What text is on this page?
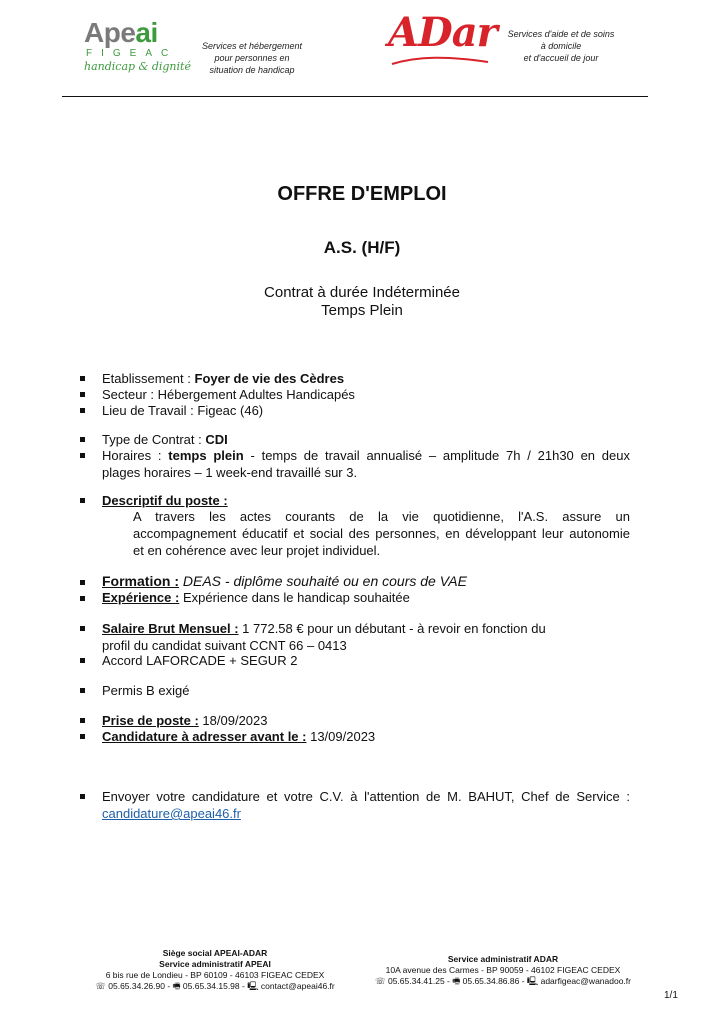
Apeai
FIGEAC
handicap & dignité
Services et hébergement
pour personnes en
situation de handicap
ADar Services d'aide et de soins
à domicile
et d'accueil de jour
OFFRE D'EMPLOI
A.S. (H/F)
Contrat à durée Indéterminée
Temps Plein
Etablissement : Foyer de vie des Cèdres
Secteur : Hébergement Adultes Handicapés
Lieu de Travail : Figeac (46)
Type de Contrat : CDI
Horaires : temps plein - temps de travail annualisé – amplitude 7h / 21h30 en deux
plages horaires – 1 week-end travaillé sur 3.
Descriptif du poste :
A travers les actes courants de la vie quotidienne, l'A.S. assure un
accompagnement éducatif et social des personnes, en développant leur autonomie
et en cohérence avec leur projet individuel.
Formation : DEAS - diplôme souhaité ou en cours de VAE
Expérience : Expérience dans le handicap souhaitée
Salaire Brut Mensuel : 1 772.58 € pour un débutant - à revoir en fonction du
profil du candidat suivant CCNT 66 – 0413
Accord LAFORCADE + SEGUR 2
Permis B exigé
Prise de poste : 18/09/2023
Candidature à adresser avant le : 13/09/2023
Envoyer votre candidature et votre C.V. à l'attention de M. BAHUT, Chef de Service :
candidature@apeai46.fr
Siège social APEAI-ADAR
Service administratif APEAI
6 bis rue de Londieu - BP 60109 - 46103 FIGEAC CEDEX
☏ 05.65.34.26.90 - 🖷 05.65.34.15.98 - 🖳 contact@apeai46.fr
Service administratif ADAR
10A avenue des Carmes - BP 90059 - 46102 FIGEAC CEDEX
☏ 05.65.34.41.25 - 🖷 05.65.34.86.86 - 🖳 adarfigeac@wanadoo.fr
1/1
